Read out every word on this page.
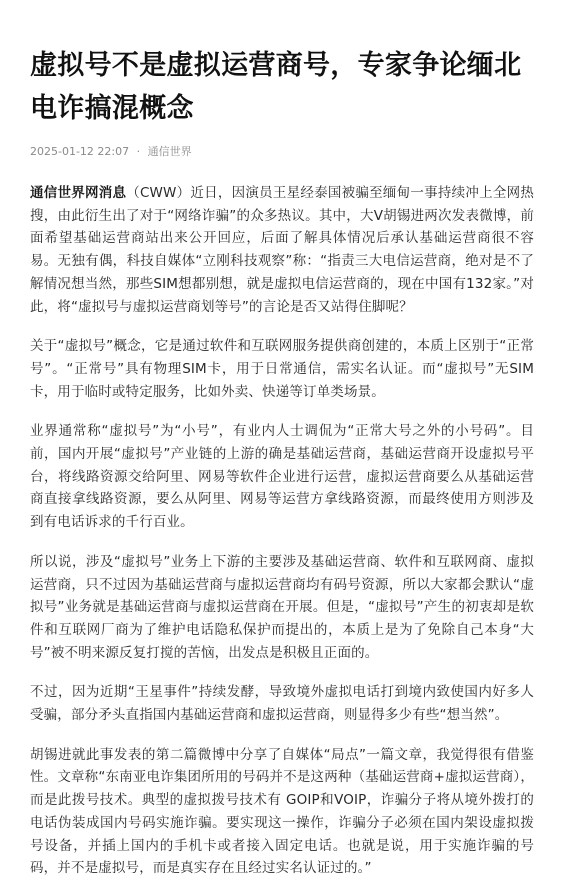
虚拟号不是虚拟运营商号，专家争论缅北电诈搞混概念
2025-01-12 22:07 · 通信世界

通信世界网消息（CWW）近日，因演员王星经泰国被骗至缅甸一事持续冲上全网热搜，由此衍生出了对于“网络诈骗”的众多热议。其中，大V胡锡进两次发表微博，前面希望基础运营商站出来公开回应，后面了解具体情况后承认基础运营商很不容易。无独有偶，科技自媒体“立刚科技观察”称：“指责三大电信运营商，绝对是不了解情况想当然，那些SIM想都别想，就是虚拟电信运营商的，现在中国有132家。”对此，将“虚拟号与虚拟运营商划等号”的言论是否又站得住脚呢？

关于“虚拟号”概念，它是通过软件和互联网服务提供商创建的，本质上区别于“正常号”。“正常号”具有物理SIM卡，用于日常通信，需实名认证。而“虚拟号”无SIM卡，用于临时或特定服务，比如外卖、快递等订单类场景。

业界通常称“虚拟号”为“小号”，有业内人士调侃为“正常大号之外的小号码”。目前，国内开展“虚拟号”产业链的上游的确是基础运营商，基础运营商开设虚拟号平台，将线路资源交给阿里、网易等软件企业进行运营，虚拟运营商要么从基础运营商直接拿线路资源，要么从阿里、网易等运营方拿线路资源，而最终使用方则涉及到有电话诉求的千行百业。

所以说，涉及“虚拟号”业务上下游的主要涉及基础运营商、软件和互联网商、虚拟运营商，只不过因为基础运营商与虚拟运营商均有码号资源，所以大家都会默认“虚拟号”业务就是基础运营商与虚拟运营商在开展。但是，“虚拟号”产生的初衷却是软件和互联网厂商为了维护电话隐私保护而提出的，本质上是为了免除自己本身“大号”被不明来源反复打搅的苦恼，出发点是积极且正面的。

不过，因为近期“王星事件”持续发酵，导致境外虚拟电话打到境内致使国内好多人受骗，部分矛头直指国内基础运营商和虚拟运营商，则显得多少有些“想当然”。

胡锡进就此事发表的第二篇微博中分享了自媒体“局点”一篇文章，我觉得很有借鉴性。文章称“东南亚电诈集团所用的号码并不是这两种（基础运营商+虚拟运营商），而是此拨号技术。典型的虚拟拨号技术有 GOIP和VOIP，诈骗分子将从境外拨打的电话伪装成国内号码实施诈骗。要实现这一操作，诈骗分子必须在国内架设虚拟拨号设备，并插上国内的手机卡或者接入固定电话。也就是说，用于实施诈骗的号码，并不是虚拟号，而是真实存在且经过实名认证过的。”
